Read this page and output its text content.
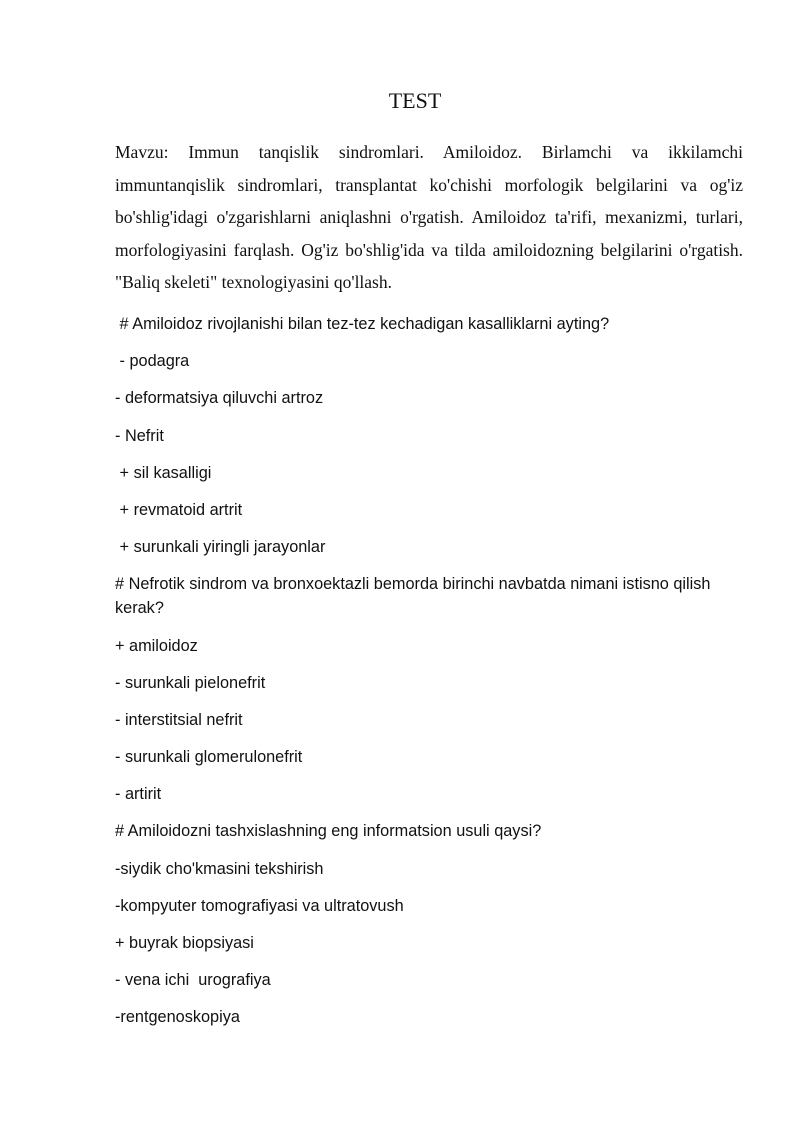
TEST

Mavzu: Immun tanqislik sindromlari. Amiloidoz. Birlamchi va ikkilamchi immuntanqislik sindromlari, transplantat ko'chishi morfologik belgilarini va og'iz bo'shlig'idagi o'zgarishlarni aniqlashni o'rgatish. Amiloidoz ta'rifi, mexanizmi, turlari, morfologiyasini farqlash. Og'iz bo'shlig'ida va tilda amiloidozning belgilarini o'rgatish. "Baliq skeleti" texnologiyasini qo'llash.

# Amiloidoz rivojlanishi bilan tez-tez kechadigan kasalliklarni ayting?

- podagra

- deformatsiya qiluvchi artroz

- Nefrit

+ sil kasalligi

+ revmatoid artrit

+ surunkali yiringli jarayonlar

# Nefrotik sindrom va bronxoektazli bemorda birinchi navbatda nimani istisno qilish kerak?

+ amiloidoz

- surunkali pielonefrit

- interstitsial nefrit

- surunkali glomerulonefrit

- artirit

# Amiloidozni tashxislashning eng informatsion usuli qaysi?

-siydik cho'kmasini tekshirish

-kompyuter tomografiyasi va ultratovush

+ buyrak biopsiyasi

- vena ichi  urografiya

-rentgenoskopiya
